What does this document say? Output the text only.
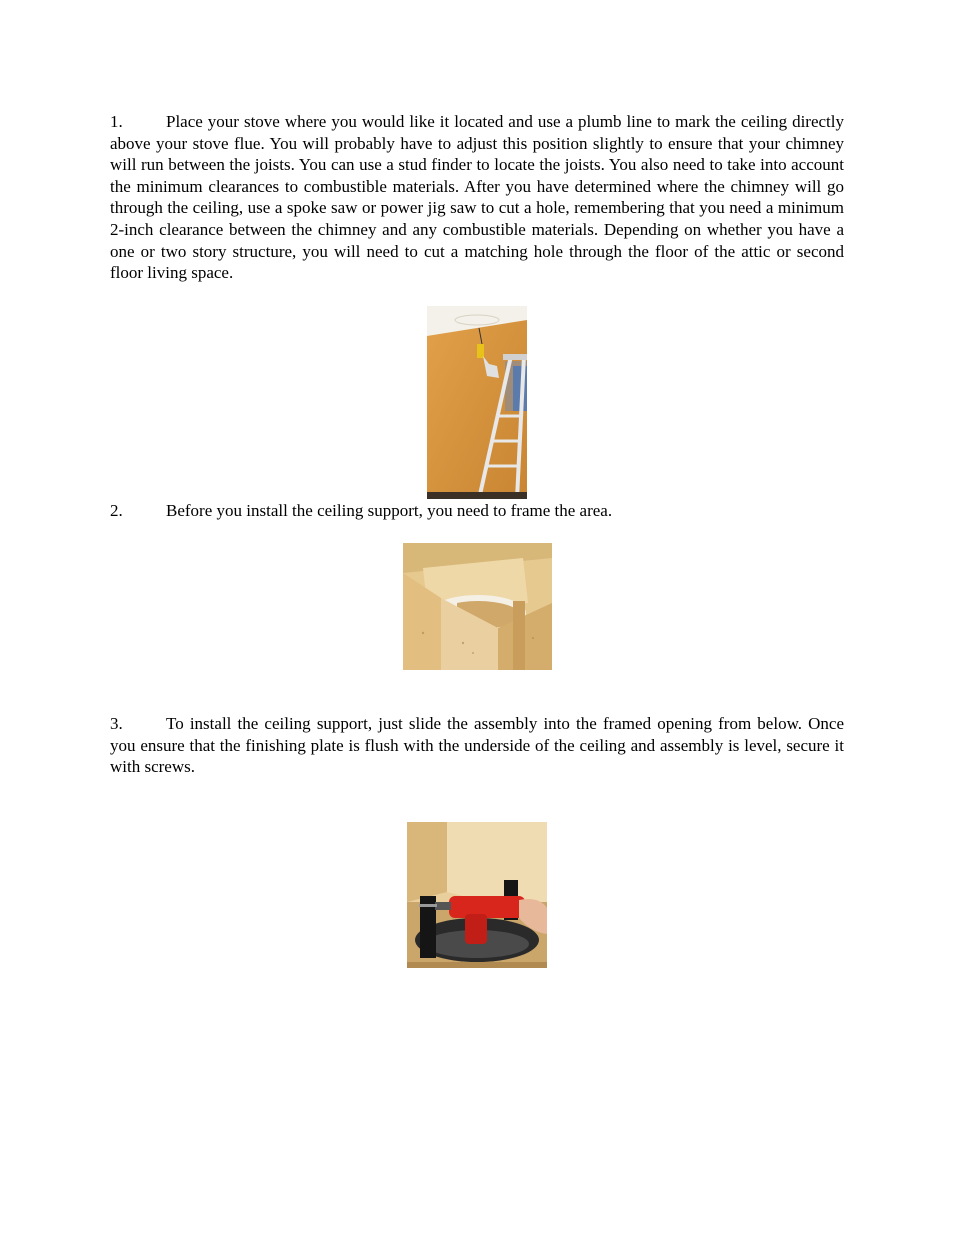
1.	Place your stove where you would like it located and use a plumb line to mark the ceiling directly above your stove flue. You will probably have to adjust this position slightly to ensure that your chimney will run between the joists. You can use a stud finder to locate the joists. You also need to take into account the minimum clearances to combustible materials. After you have determined where the chimney will go through the ceiling, use a spoke saw or power jig saw to cut a hole, remembering that you need a minimum 2-inch clearance between the chimney and any combustible materials. Depending on whether you have a one or two story structure, you will need to cut a matching hole through the floor of the attic or second floor living space.
2.	Before you install the ceiling support, you need to frame the area.
3.	To install the ceiling support, just slide the assembly into the framed opening from below. Once you ensure that the finishing plate is flush with the underside of the ceiling and assembly is level, secure it with screws.
